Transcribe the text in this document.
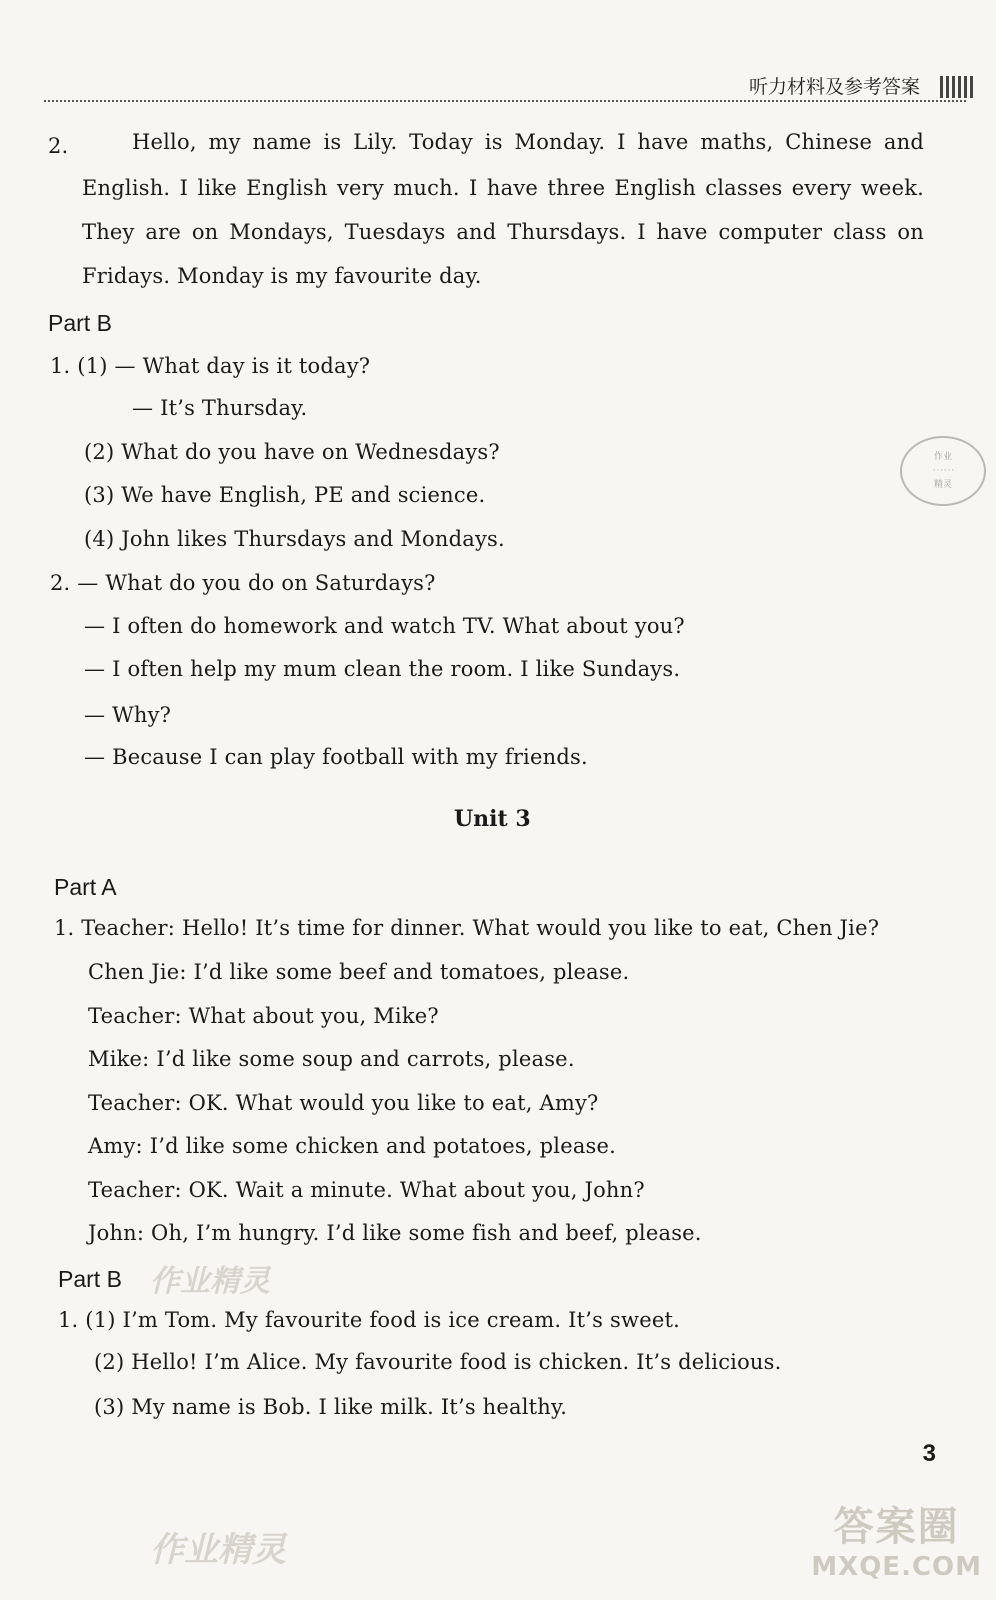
听力材料及参考答案
2.	Hello, my name is Lily. Today is Monday. I have maths, Chinese and
English. I like English very much. I have three English classes every week.
They are on Mondays, Tuesdays and Thursdays. I have computer class on
Fridays. Monday is my favourite day.
Part B
1. (1) — What day is it today?
— It’s Thursday.
(2) What do you have on Wednesdays?
(3) We have English, PE and science.
(4) John likes Thursdays and Mondays.
2. — What do you do on Saturdays?
— I often do homework and watch TV. What about you?
— I often help my mum clean the room. I like Sundays.
— Why?
— Because I can play football with my friends.
Unit 3
Part A
1. Teacher: Hello! It’s time for dinner. What would you like to eat, Chen Jie?
Chen Jie: I’d like some beef and tomatoes, please.
Teacher: What about you, Mike?
Mike: I’d like some soup and carrots, please.
Teacher: OK. What would you like to eat, Amy?
Amy: I’d like some chicken and potatoes, please.
Teacher: OK. Wait a minute. What about you, John?
John: Oh, I’m hungry. I’d like some fish and beef, please.
Part B 作业精灵
1. (1) I’m Tom. My favourite food is ice cream. It’s sweet.
(2) Hello! I’m Alice. My favourite food is chicken. It’s delicious.
(3) My name is Bob. I like milk. It’s healthy.
作业
· · · · · ·
精灵
3
作业精灵	答案圈
MXQE.COM
